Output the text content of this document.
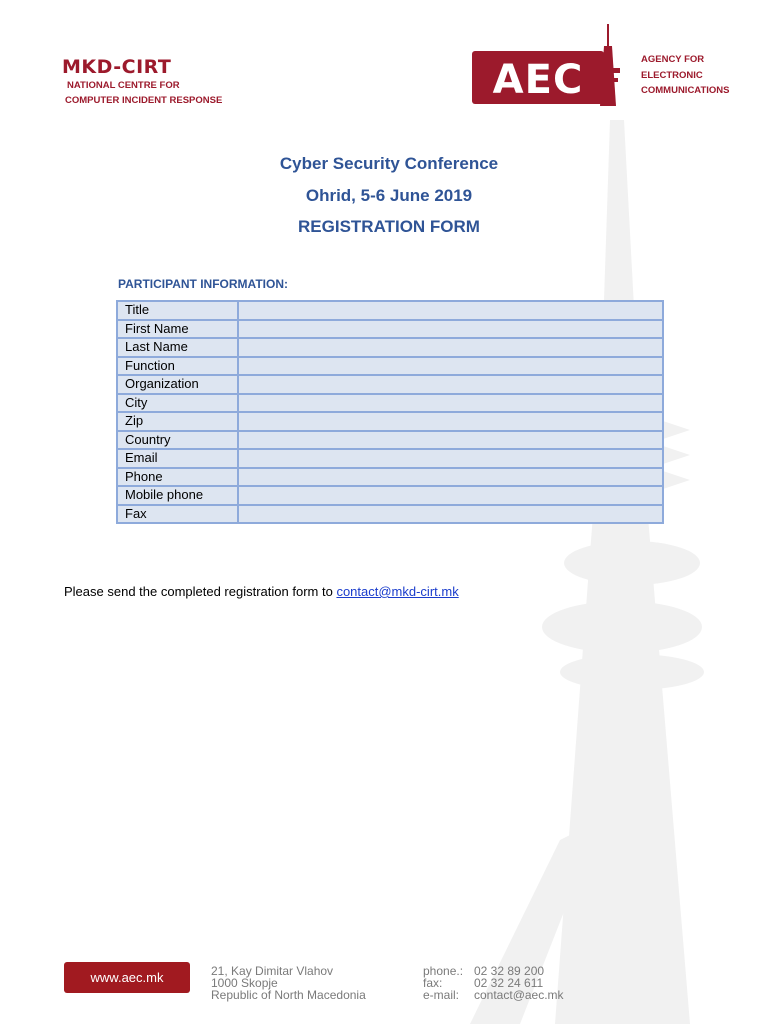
MKD-CIRT
NATIONAL CENTRE FOR
COMPUTER INCIDENT RESPONSE	AEC	AGENCY FOR
ELECTRONIC
COMMUNICATIONS
Cyber Security Conference
Ohrid, 5-6 June 2019
REGISTRATION FORM
PARTICIPANT INFORMATION:
Title	
First Name	
Last Name	
Function	
Organization	
City	
Zip	
Country	
Email	
Phone	
Mobile phone	
Fax	
Please send the completed registration form to contact@mkd-cirt.mk
www.aec.mk	21, Kay Dimitar Vlahov
1000 Skopje
Republic of North Macedonia
phone.: 02 32 89 200
fax:	02 32 24 611
e-mail: contact@aec.mk
